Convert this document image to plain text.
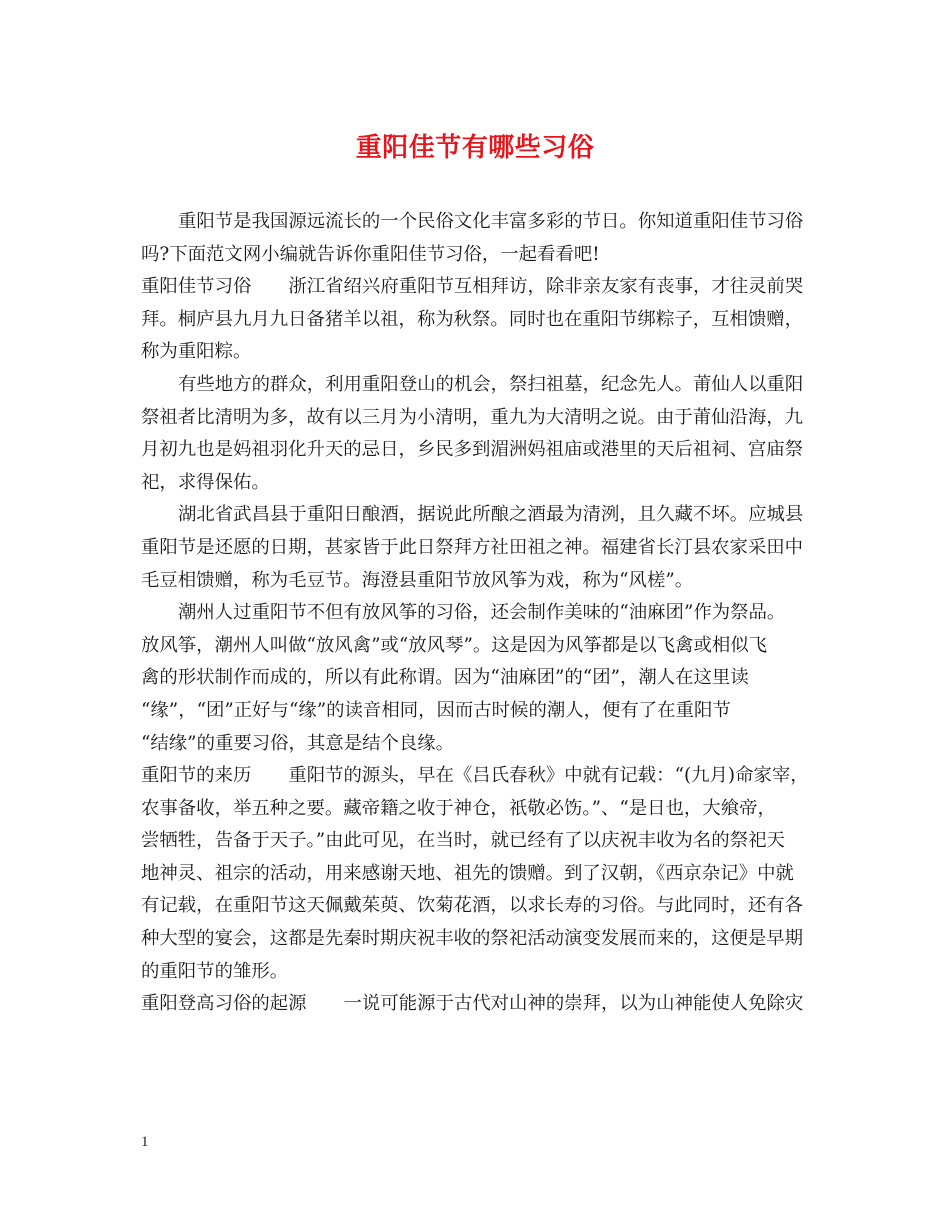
重阳佳节有哪些习俗
重阳节是我国源远流长的一个民俗文化丰富多彩的节日。你知道重阳佳节习俗
吗?下面范文网小编就告诉你重阳佳节习俗，一起看看吧!
重阳佳节习俗 浙江省绍兴府重阳节互相拜访，除非亲友家有丧事，才往灵前哭
拜。桐庐县九月九日备猪羊以祖，称为秋祭。同时也在重阳节绑粽子，互相馈赠，
称为重阳粽。
有些地方的群众，利用重阳登山的机会，祭扫祖墓，纪念先人。莆仙人以重阳
祭祖者比清明为多，故有以三月为小清明，重九为大清明之说。由于莆仙沿海，九
月初九也是妈祖羽化升天的忌日，乡民多到湄洲妈祖庙或港里的天后祖祠、宫庙祭
祀，求得保佑。
湖北省武昌县于重阳日酿酒，据说此所酿之酒最为清洌，且久藏不坏。应城县
重阳节是还愿的日期，甚家皆于此日祭拜方社田祖之神。福建省长汀县农家采田中
毛豆相馈赠，称为毛豆节。海澄县重阳节放风筝为戏，称为“风槎”。
潮州人过重阳节不但有放风筝的习俗，还会制作美味的“油麻团”作为祭品。
放风筝，潮州人叫做“放风禽”或“放风琴”。这是因为风筝都是以飞禽或相似飞
禽的形状制作而成的，所以有此称谓。因为“油麻团”的“团”，潮人在这里读
“缘”，“团”正好与“缘”的读音相同，因而古时候的潮人，便有了在重阳节
“结缘”的重要习俗，其意是结个良缘。
重阳节的来历 重阳节的源头，早在《吕氏春秋》中就有记载：“(九月)命家宰，
农事备收，举五种之要。藏帝籍之收于神仓，祇敬必饬。”、“是日也，大飨帝，
尝牺牲，告备于天子。”由此可见，在当时，就已经有了以庆祝丰收为名的祭祀天
地神灵、祖宗的活动，用来感谢天地、祖先的馈赠。到了汉朝，《西京杂记》中就
有记载，在重阳节这天佩戴茱萸、饮菊花酒，以求长寿的习俗。与此同时，还有各
种大型的宴会，这都是先秦时期庆祝丰收的祭祀活动演变发展而来的，这便是早期
的重阳节的雏形。
重阳登高习俗的起源 一说可能源于古代对山神的崇拜，以为山神能使人免除灾
1
